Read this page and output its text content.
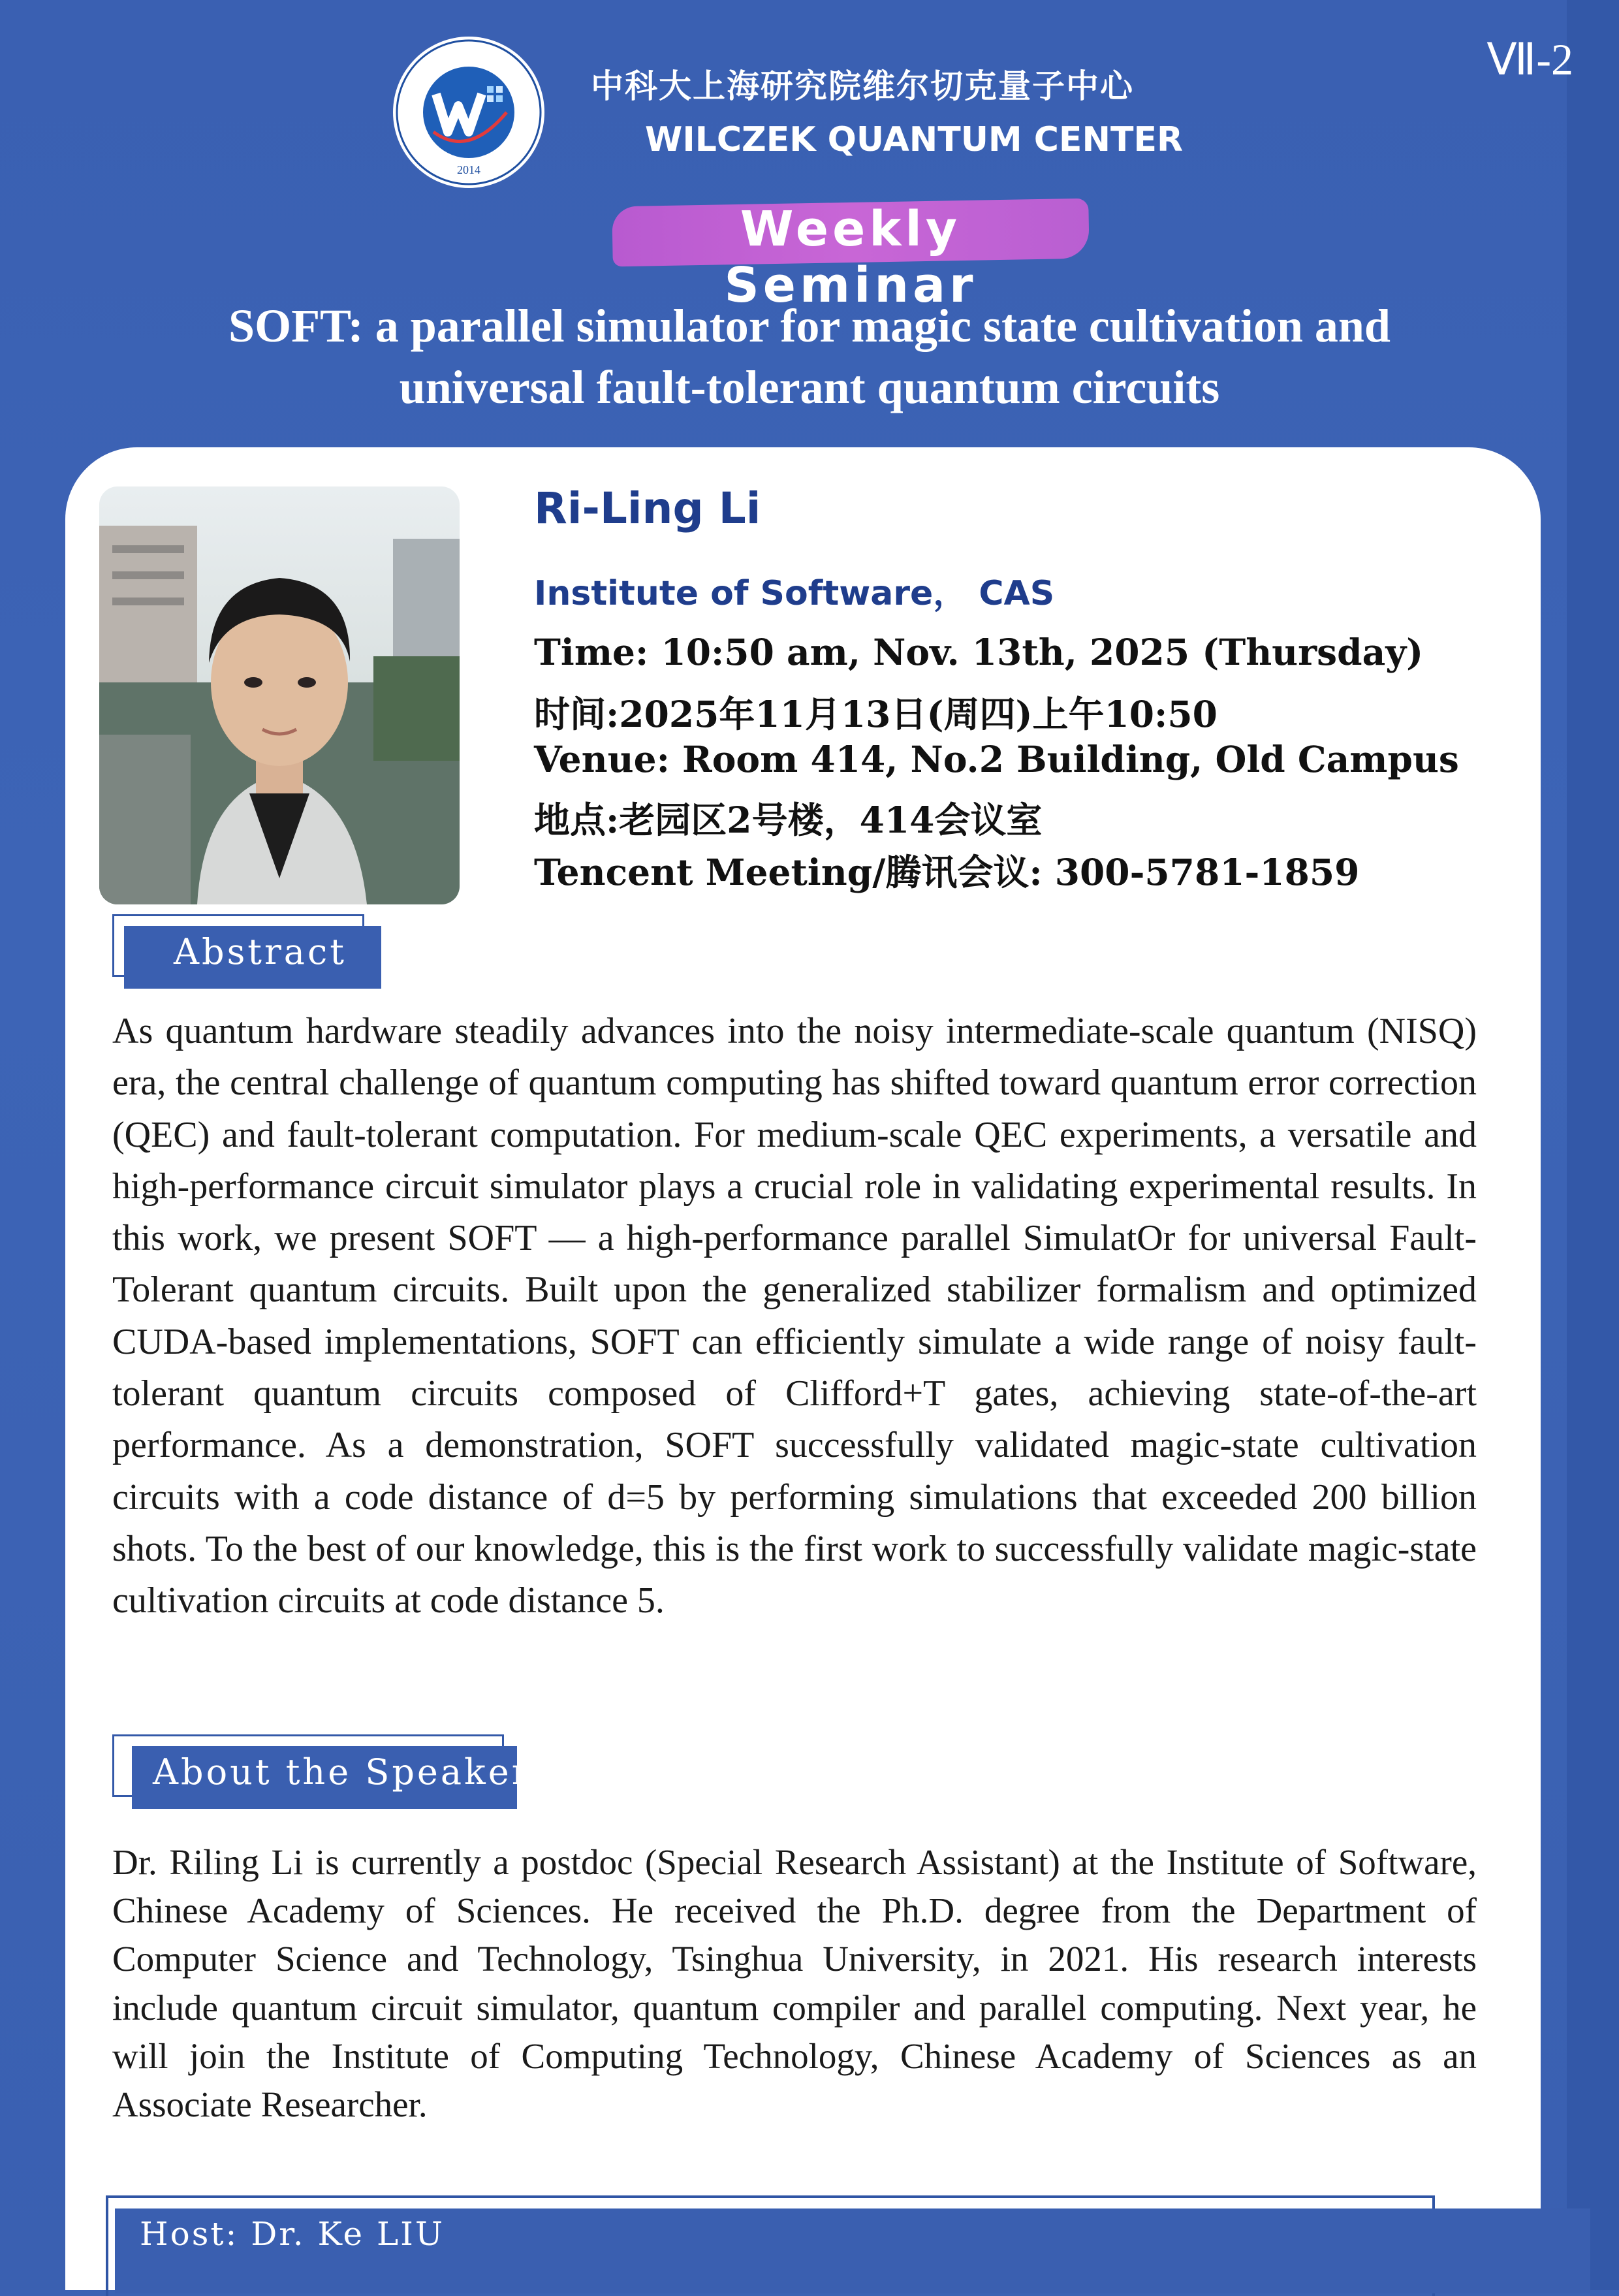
Ⅶ-2
2014
中科大上海研究院维尔切克量子中心
WILCZEK QUANTUM CENTER
Weekly Seminar
SOFT: a parallel simulator for magic state cultivation and
universal fault-tolerant quantum circuits
Ri-Ling Li
Institute of Software， CAS
Time: 10:50 am, Nov. 13th, 2025 (Thursday)
时间:2025年11月13日(周四)上午10:50
Venue: Room 414, No.2 Building, Old Campus
地点:老园区2号楼，414会议室
Tencent Meeting/腾讯会议: 300-5781-1859
Abstract
As quantum hardware steadily advances into the noisy intermediate-scale quantum (NISQ) era, the central challenge of quantum computing has shifted toward quantum error correction (QEC) and fault-tolerant computation. For medium-scale QEC experiments, a versatile and high-performance circuit simulator plays a crucial role in validating experimental results. In this work, we present SOFT — a high-performance parallel SimulatOr for universal Fault-Tolerant quantum circuits. Built upon the generalized stabilizer formalism and optimized CUDA-based implementations, SOFT can efficiently simulate a wide range of noisy fault-tolerant quantum circuits composed of Clifford+T gates, achieving state-of-the-art performance. As a demonstration, SOFT successfully validated magic-state cultivation circuits with a code distance of d=5 by performing simulations that exceeded 200 billion shots. To the best of our knowledge, this is the first work to successfully validate magic-state cultivation circuits at code distance 5.
About the Speaker
Dr. Riling Li is currently a postdoc (Special Research Assistant) at the Institute of Software, Chinese Academy of Sciences. He received the Ph.D. degree from the Department of Computer Science and Technology, Tsinghua University, in 2021. His research interests include quantum circuit simulator, quantum compiler and parallel computing. Next year, he will join the Institute of Computing Technology, Chinese Academy of Sciences as an Associate Researcher.
Host: Dr. Ke LIU
